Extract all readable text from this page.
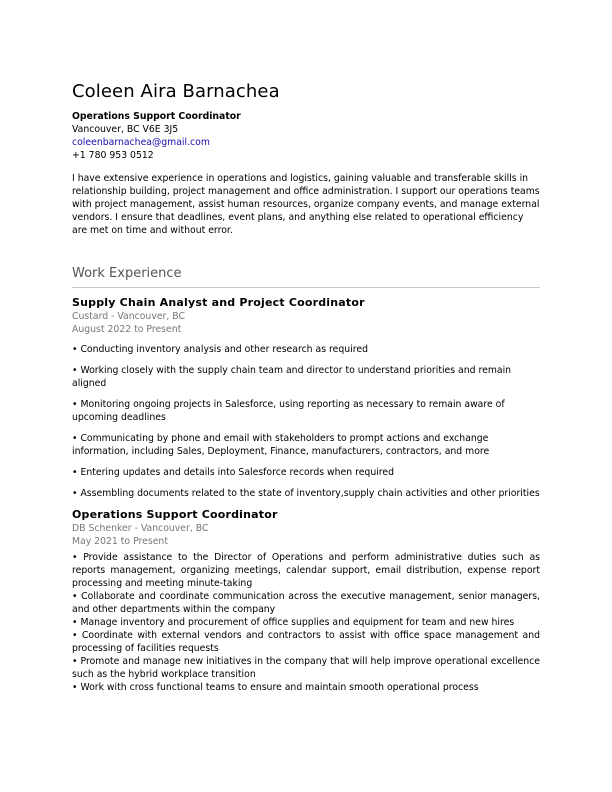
Coleen Aira Barnachea
Operations Support Coordinator
Vancouver, BC V6E 3J5
coleenbarnachea@gmail.com
+1 780 953 0512
I have extensive experience in operations and logistics, gaining valuable and transferable skills in relationship building, project management and office administration. I support our operations teams with project management, assist human resources, organize company events, and manage external vendors. I ensure that deadlines, event plans, and anything else related to operational efficiency are met on time and without error.
Work Experience
Supply Chain Analyst and Project Coordinator
Custard - Vancouver, BC
August 2022 to Present
• Conducting inventory analysis and other research as required
• Working closely with the supply chain team and director to understand priorities and remain aligned
• Monitoring ongoing projects in Salesforce, using reporting as necessary to remain aware of upcoming deadlines
• Communicating by phone and email with stakeholders to prompt actions and exchange information, including Sales, Deployment, Finance, manufacturers, contractors, and more
• Entering updates and details into Salesforce records when required
• Assembling documents related to the state of inventory,supply chain activities and other priorities
Operations Support Coordinator
DB Schenker - Vancouver, BC
May 2021 to Present
• Provide assistance to the Director of Operations and perform administrative duties such as reports management, organizing meetings, calendar support, email distribution, expense report processing and meeting minute-taking
• Collaborate and coordinate communication across the executive management, senior managers, and other departments within the company
• Manage inventory and procurement of office supplies and equipment for team and new hires
• Coordinate with external vendors and contractors to assist with office space management and processing of facilities requests
• Promote and manage new initiatives in the company that will help improve operational excellence such as the hybrid workplace transition
• Work with cross functional teams to ensure and maintain smooth operational process
